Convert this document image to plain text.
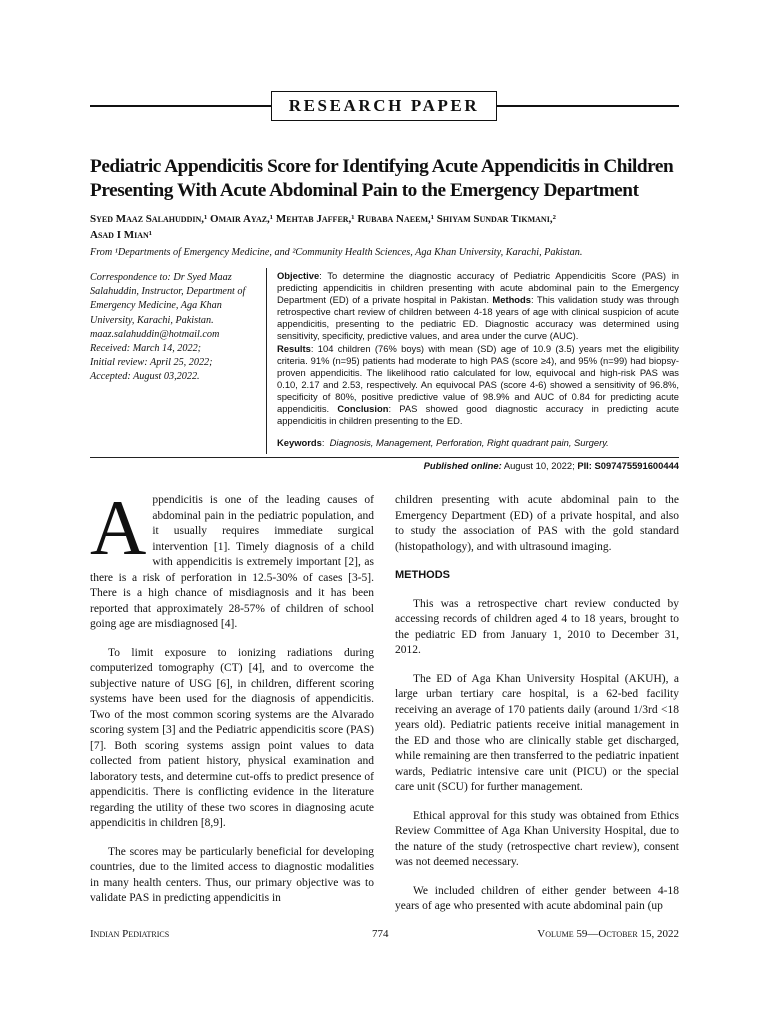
RESEARCH PAPER
Pediatric Appendicitis Score for Identifying Acute Appendicitis in Children
Presenting With Acute Abdominal Pain to the Emergency Department
Syed Maaz Salahuddin,¹ Omair Ayaz,¹ Mehtab Jaffer,¹ Rubaba Naeem,¹ Shiyam Sundar Tikmani,²
Asad I Mian¹
From ¹Departments of Emergency Medicine, and ²Community Health Sciences, Aga Khan University, Karachi, Pakistan.
Correspondence to: Dr Syed Maaz
Salahuddin, Instructor, Department of
Emergency Medicine, Aga Khan
University, Karachi, Pakistan.
maaz.salahuddin@hotmail.com
Received: March 14, 2022;
Initial review: April 25, 2022;
Accepted: August 03,2022.
Objective: To determine the diagnostic accuracy of Pediatric Appendicitis Score (PAS) in predicting appendicitis in children presenting with acute abdominal pain to the Emergency Department (ED) of a private hospital in Pakistan. Methods: This validation study was through retrospective chart review of children between 4-18 years of age with clinical suspicion of acute appendicitis, presenting to the pediatric ED. Diagnostic accuracy was determined using sensitivity, specificity, predictive values, and area under the curve (AUC).
Results: 104 children (76% boys) with mean (SD) age of 10.9 (3.5) years met the eligibility criteria. 91% (n=95) patients had moderate to high PAS (score ≥4), and 95% (n=99) had biopsy-proven appendicitis. The likelihood ratio calculated for low, equivocal and high-risk PAS was 0.10, 2.17 and 2.53, respectively. An equivocal PAS (score 4-6) showed a sensitivity of 96.8%, specificity of 80%, positive predictive value of 98.9% and AUC of 0.84 for predicting acute appendicitis. Conclusion: PAS showed good diagnostic accuracy in predicting acute appendicitis in children presenting to the ED.
Keywords:  Diagnosis, Management, Perforation, Right quadrant pain, Surgery.
Published online: August 10, 2022; PII: S097475591600444

Appendicitis is one of the leading causes of abdominal pain in the pediatric population, and it usually requires immediate surgical intervention [1]. Timely diagnosis of a child with appendicitis is extremely important [2], as there is a risk of perforation in 12.5-30% of cases [3-5]. There is a high chance of misdiagnosis and it has been reported that approximately 28-57% of children of school going age are misdiagnosed [4].

To limit exposure to ionizing radiations during computerized tomography (CT) [4], and to overcome the subjective nature of USG [6], in children, different scoring systems have been used for the diagnosis of appendicitis. Two of the most common scoring systems are the Alvarado scoring system [3] and the Pediatric appendicitis score (PAS) [7]. Both scoring systems assign point values to data collected from patient history, physical examination and laboratory tests, and determine cut-offs to predict presence of appendicitis. There is conflicting evidence in the literature regarding the utility of these two scores in diagnosing acute appendicitis in children [8,9].

The scores may be particularly beneficial for developing countries, due to the limited access to diagnostic modalities in many health centers. Thus, our primary objective was to validate PAS in predicting appendicitis in

children presenting with acute abdominal pain to the Emergency Department (ED) of a private hospital, and also to study the association of PAS with the gold standard (histopathology), and with ultrasound imaging.

METHODS

This was a retrospective chart review conducted by accessing records of children aged 4 to 18 years, brought to the pediatric ED from January 1, 2010 to December 31, 2012.

The ED of Aga Khan University Hospital (AKUH), a large urban tertiary care hospital, is a 62-bed facility receiving an average of 170 patients daily (around 1/3rd <18 years old). Pediatric patients receive initial management in the ED and those who are clinically stable get discharged, while remaining are then transferred to the pediatric inpatient wards, Pediatric intensive care unit (PICU) or the special care unit (SCU) for further management.

Ethical approval for this study was obtained from Ethics Review Committee of Aga Khan University Hospital, due to the nature of the study (retrospective chart review), consent was not deemed necessary.

We included children of either gender between 4-18 years of age who presented with acute abdominal pain (up

Indian Pediatrics	774	Volume 59—October 15, 2022
